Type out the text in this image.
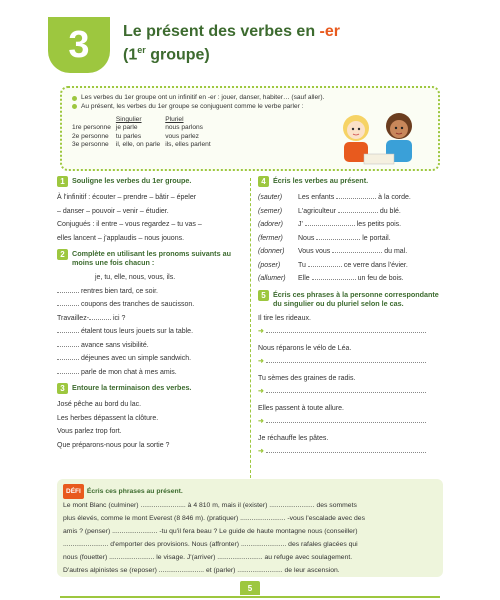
3	Le présent des verbes en -er
(1er groupe)
Les verbes du 1er groupe ont un infinitif en -er : jouer, danser, habiter… (sauf aller).
Au présent, les verbes du 1er groupe se conjuguent comme le verbe parler :
	Singulier	Pluriel
1re personne	je parle	nous parlons
2e personne	tu parles	vous parlez
3e personne	il, elle, on parle	ils, elles parlent
1	Souligne les verbes du 1er groupe.
À l'infinitif : écouter – prendre – bâtir – épeler
– danser – pouvoir – venir – étudier.
Conjugués : il entre – vous regardez – tu vas –
elles lancent – j'applaudis – nous jouons.
2	Complète en utilisant les pronoms suivants au moins une fois chacun :
je, tu, elle, nous, vous, ils.
rentres bien tard, ce soir.
coupons des tranches de saucisson.
Travaillez-	ici ?
étalent tous leurs jouets sur la table.
avance sans visibilité.
déjeunes avec un simple sandwich.
parle de mon chat à mes amis.
3	Entoure la terminaison des verbes.
José pêche au bord du lac.
Les herbes dépassent la clôture.
Vous parlez trop fort.
Que préparons-nous pour la sortie ?
4	Écris les verbes au présent.
(sauter) Les enfants	à la corde.
(semer) L'agriculteur	du blé.
(adorer) J'	les petits pois.
(fermer) Nous	le portail.
(donner) Vous vous	du mal.
(poser)	Tu	ce verre dans l'évier.
(allumer) Elle	un feu de bois.
5	Écris ces phrases à la personne correspondante du singulier ou du pluriel selon le cas.
Il tire les rideaux.
➜
Nous réparons le vélo de Léa.
➜
Tu sèmes des graines de radis.
➜
Elles passent à toute allure.
➜
Je réchauffe les pâtes.
➜
DÉFI Écris ces phrases au présent.
Le mont Blanc (culminer) ........................ à 4 810 m, mais il (exister) ........................ des sommets
plus élevés, comme le mont Everest (8 846 m). (pratiquer) ........................ -vous l'escalade avec des
amis ? (penser) ........................ -tu qu'il fera beau ? Le guide de haute montagne nous (conseiller)
........................ d'emporter des provisions. Nous (affronter) ........................ des rafales glacées qui
nous (fouetter) ........................ le visage. J'(arriver) ........................ au refuge avec soulagement.
D'autres alpinistes se (reposer) ........................ et (parler) ........................ de leur ascension.
5
